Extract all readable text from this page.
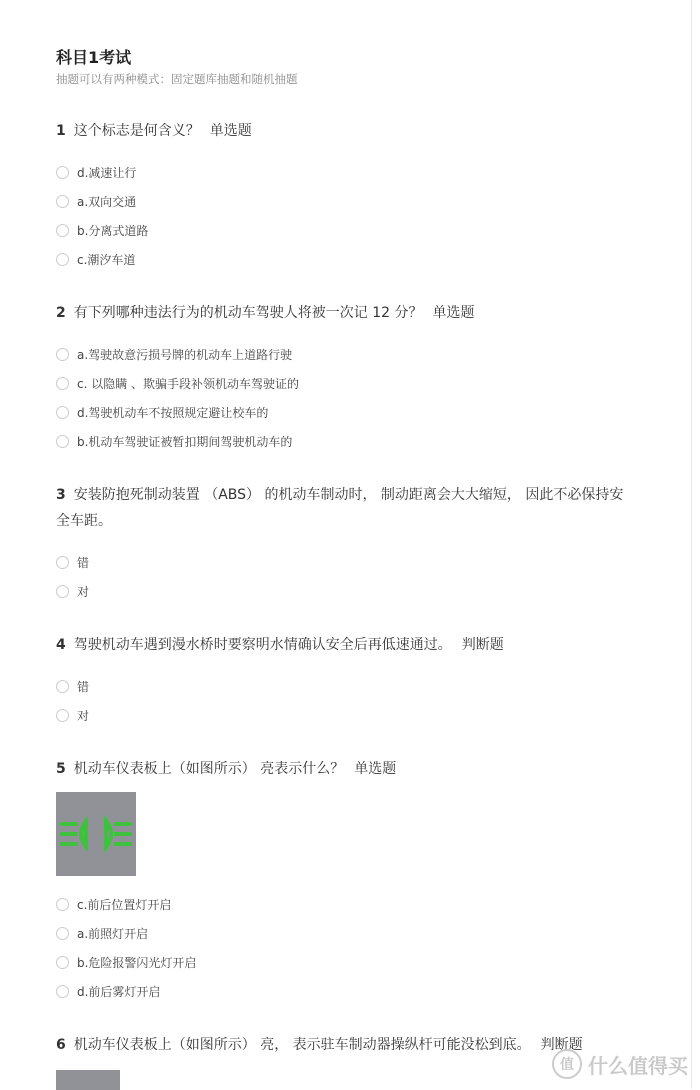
科目1考试
抽题可以有两种模式：固定题库抽题和随机抽题
1 这个标志是何含义？ 单选题
d.减速让行
a.双向交通
b.分离式道路
c.潮汐车道
2 有下列哪种违法行为的机动车驾驶人将被一次记 12 分？ 单选题
a.驾驶故意污损号牌的机动车上道路行驶
c. 以隐瞒 、欺骗手段补领机动车驾驶证的
d.驾驶机动车不按照规定避让校车的
b.机动车驾驶证被暂扣期间驾驶机动车的
3 安装防抱死制动装置 （ABS） 的机动车制动时， 制动距离会大大缩短， 因此不必保持安 全车距。
错
对
4 驾驶机动车遇到漫水桥时要察明水情确认安全后再低速通过。 判断题
错
对
5 机动车仪表板上（如图所示） 亮表示什么？ 单选题
c.前后位置灯开启
a.前照灯开启
b.危险报警闪光灯开启
d.前后雾灯开启
6 机动车仪表板上（如图所示） 亮， 表示驻车制动器操纵杆可能没松到底。 判断题
值 什么值得买
